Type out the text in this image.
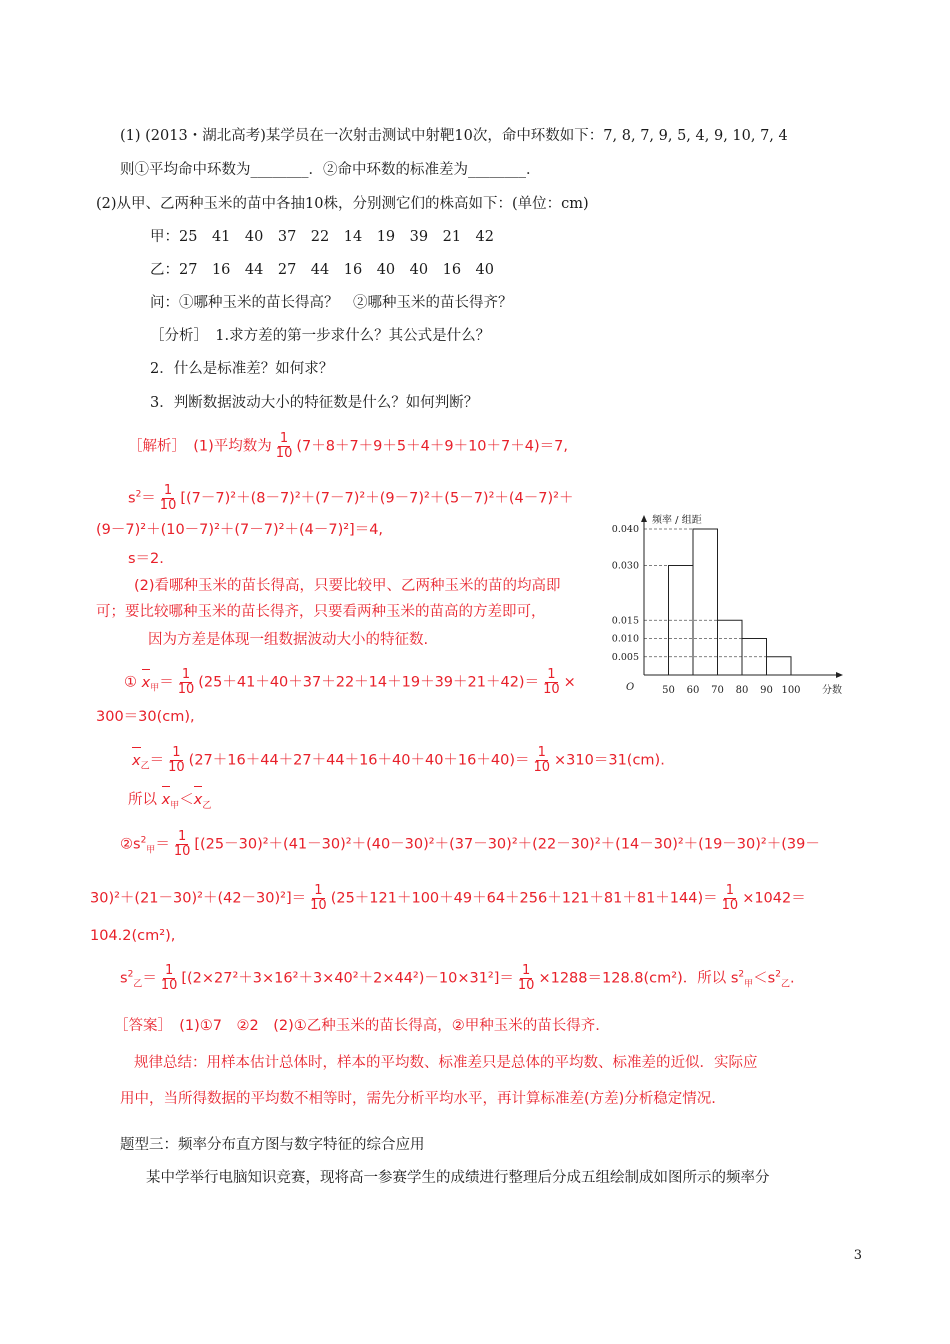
(1) (2013・湖北高考)某学员在一次射击测试中射靶10次，命中环数如下：7, 8, 7, 9, 5, 4, 9, 10, 7, 4
则①平均命中环数为________．②命中环数的标准差为________．
(2)从甲、乙两种玉米的苗中各抽10株，分别测它们的株高如下：(单位：cm)
甲：25　41　40　37　22　14　19　39　21　42
乙：27　16　44　27　44　16　40　40　16　40
问：①哪种玉米的苗长得高？　②哪种玉米的苗长得齐？
［分析］　1.求方差的第一步求什么？其公式是什么？
2．什么是标准差？如何求？
3．判断数据波动大小的特征数是什么？如何判断？
［解析］　(1)平均数为 $\frac{1}{10} (7+8+7+9+5+4+9+10+7+4)=7$,
$s^2= \frac{1}{10} [(7-7)^2+(8-7)^2+(7-7)^2+(9-7)^2+(5-7)^2+(4-7)^2+$
(9－7)²＋(10－7)²＋(7－7)²＋(4－7)²]＝4,
s＝2.
(2)看哪种玉米的苗长得高，只要比较甲、乙两种玉米的苗的均高即
可；要比较哪种玉米的苗长得齐，只要看两种玉米的苗高的方差即可，
因为方差是体现一组数据波动大小的特征数.
① $x_甲= \frac{1}{10} (25+41+40+37+22+14+19+39+21+42)= \frac{1}{10}$ ×
300＝30(cm),
$x_乙= \frac{1}{10} (27+16+44+27+44+16+40+40+16+40)= \frac{1}{10} \times 310=31(cm)$.
所以 $x_甲<x_乙$
$②s^2_甲= \frac{1}{10} [(25-30)^2+(41-30)^2+(40-30)^2+(37-30)^2+(22-30)^2+(14-30)^2+(19-30)^2+(39-$
$30)^2+(21-30)^2+(42-30)^2]= \frac{1}{10} (25+121+100+49+64+256+121+81+81+144)= \frac{1}{10} \times 1042=$
104.2(cm²),
$s^2_乙= \frac{1}{10} [(2\times 27^2+3\times 16^2+3\times 40^2+2\times 44^2)-10\times 31^2]= \frac{1}{10} \times 1288=128.8(cm^2)$．所以 $s^2_甲<s^2_乙$.
［答案］　(1)①7　②2　(2)①乙种玉米的苗长得高，②甲种玉米的苗长得齐.
规律总结：用样本估计总体时，样本的平均数、标准差只是总体的平均数、标准差的近似．实际应
用中，当所得数据的平均数不相等时，需先分析平均水平，再计算标准差(方差)分析稳定情况.
题型三：频率分布直方图与数字特征的综合应用
某中学举行电脑知识竞赛，现将高一参赛学生的成绩进行整理后分成五组绘制成如图所示的频率分
3
50 60 70 80 90 100
0.005
0.010
0.015
0.030
0.040
频率 / 组距
分数
O
